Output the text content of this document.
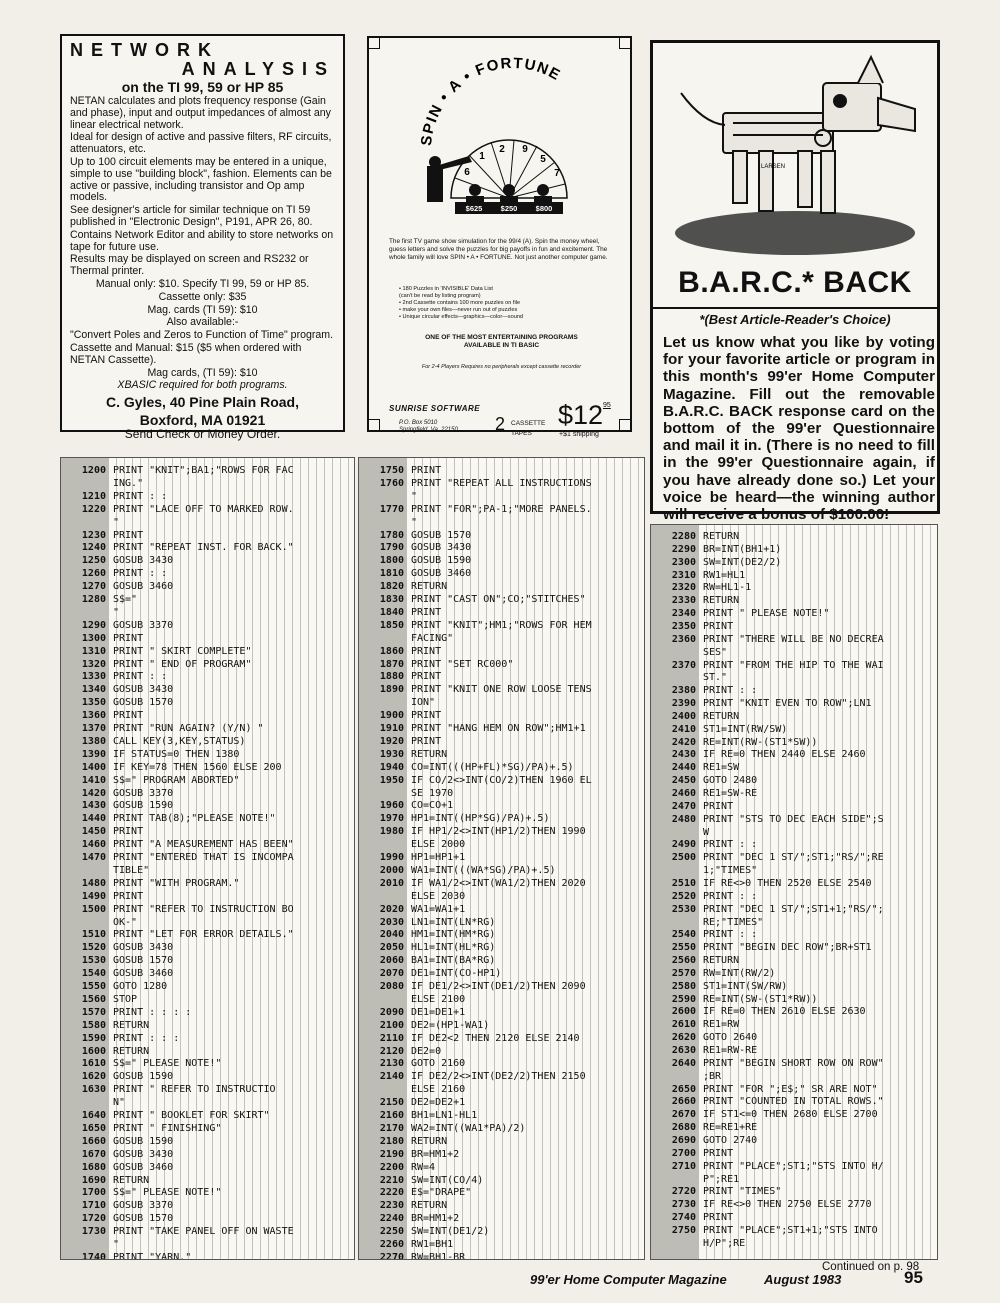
NETWORK
ANALYSIS
on the TI 99, 59 or HP 85

NETAN calculates and plots frequency response (Gain and phase), input and output impedances of almost any linear electrical network.

Ideal for design of active and passive filters, RF circuits, attenuators, etc.

Up to 100 circuit elements may be entered in a unique, simple to use "building block", fashion. Elements can be active or passive, including transistor and Op amp models.

See designer's article for similar technique on TI 59 published in "Electronic Design", P191, APR 26, 80.

Contains Network Editor and ability to store networks on tape for future use.

Results may be displayed on screen and RS232 or Thermal printer.

Manual only: $10. Specify TI 99, 59 or HP 85.

Cassette only: $35

Mag. cards (TI 59): $10

Also available:-

"Convert Poles and Zeros to Function of Time" program.

Cassette and Manual: $15 ($5 when ordered with NETAN Cassette).

Mag cards, (TI 59): $10

XBASIC required for both programs.

C. Gyles, 40 Pine Plain Road,
Boxford, MA 01921
Send Check or Money Order.
SPIN • A • FORTUNE
6
1
2 9
5
7
$625 $250 $800
The first TV game show simulation for the 99/4 (A). Spin the money wheel, guess letters and solve the puzzles for big payoffs in fun and excitement. The whole family will love SPIN • A • FORTUNE. Not just another computer game.
• 180 Puzzles in 'INVISIBLE' Data List
(can't be read by listing program)
• 2nd Cassette contains 100 more puzzles on file
• make your own files—never run out of puzzles
• Unique circular effects—graphics—color—sound
ONE OF THE MOST ENTERTAINING PROGRAMS
AVAILABLE IN TI BASIC
For 2-4 Players Requires no peripherals except cassette recorder
SUNRISE SOFTWARE
P.O. Box 5010
Springfield, Va. 22150 2 CASSETTE
TAPES
$12 95
+$1 shipping
LARSEN
B.A.R.C.* BACK
*(Best Article-Reader's Choice)
Let us know what you like by voting for your favorite article or program in this month's 99'er Home Computer Magazine. Fill out the removable B.A.R.C. BACK response card on the bottom of the 99'er Questionnaire and mail it in. (There is no need to fill in the 99'er Questionnaire again, if you have already done so.) Let your voice be heard—the winning author will receive a bonus of $100.00!
1200 PRINT "KNIT";BA1;"ROWS FOR FAC
ING."
1210 PRINT : :
1220 PRINT "LACE OFF TO MARKED ROW.
"
1230 PRINT
1240 PRINT "REPEAT INST. FOR BACK."
1250 GOSUB 3430
1260 PRINT : :
1270 GOSUB 3460
1280 S$="
"
1290 GOSUB 3370
1300 PRINT
1310 PRINT " SKIRT COMPLETE"
1320 PRINT " END OF PROGRAM"
1330 PRINT : :
1340 GOSUB 3430
1350 GOSUB 1570
1360 PRINT
1370 PRINT "RUN AGAIN? (Y/N) "
1380 CALL KEY(3,KEY,STATUS)
1390 IF STATUS=0 THEN 1380
1400 IF KEY=78 THEN 1560 ELSE 200
1410 S$=" PROGRAM ABORTED"
1420 GOSUB 3370
1430 GOSUB 1590
1440 PRINT TAB(8);"PLEASE NOTE!"
1450 PRINT
1460 PRINT "A MEASUREMENT HAS BEEN"
1470 PRINT "ENTERED THAT IS INCOMPA
TIBLE"
1480 PRINT "WITH PROGRAM."
1490 PRINT
1500 PRINT "REFER TO INSTRUCTION BO
OK-"
1510 PRINT "LET FOR ERROR DETAILS."
1520 GOSUB 3430
1530 GOSUB 1570
1540 GOSUB 3460
1550 GOTO 1280
1560 STOP
1570 PRINT : : : :
1580 RETURN
1590 PRINT : : :
1600 RETURN
1610 S$=" PLEASE NOTE!"
1620 GOSUB 1590
1630 PRINT " REFER TO INSTRUCTIO
N"
1640 PRINT " BOOKLET FOR SKIRT"
1650 PRINT " FINISHING"
1660 GOSUB 1590
1670 GOSUB 3430
1680 GOSUB 3460
1690 RETURN
1700 S$=" PLEASE NOTE!"
1710 GOSUB 3370
1720 GOSUB 1570
1730 PRINT "TAKE PANEL OFF ON WASTE
"
1740 PRINT "YARN."
1750 PRINT
1760 PRINT "REPEAT ALL INSTRUCTIONS
"
1770 PRINT "FOR";PA-1;"MORE PANELS.
"
1780 GOSUB 1570
1790 GOSUB 3430
1800 GOSUB 1590
1810 GOSUB 3460
1820 RETURN
1830 PRINT "CAST ON";CO;"STITCHES"
1840 PRINT
1850 PRINT "KNIT";HM1;"ROWS FOR HEM
FACING"
1860 PRINT
1870 PRINT "SET RC000"
1880 PRINT
1890 PRINT "KNIT ONE ROW LOOSE TENS
ION"
1900 PRINT
1910 PRINT "HANG HEM ON ROW";HM1+1
1920 PRINT
1930 RETURN
1940 CO=INT(((HP+FL)*SG)/PA)+.5)
1950 IF CO/2<>INT(CO/2)THEN 1960 EL
SE 1970
1960 CO=CO+1
1970 HP1=INT((HP*SG)/PA)+.5)
1980 IF HP1/2<>INT(HP1/2)THEN 1990
ELSE 2000
1990 HP1=HP1+1
2000 WA1=INT(((WA*SG)/PA)+.5)
2010 IF WA1/2<>INT(WA1/2)THEN 2020
ELSE 2030
2020 WA1=WA1+1
2030 LN1=INT(LN*RG)
2040 HM1=INT(HM*RG)
2050 HL1=INT(HL*RG)
2060 BA1=INT(BA*RG)
2070 DE1=INT(CO-HP1)
2080 IF DE1/2<>INT(DE1/2)THEN 2090
ELSE 2100
2090 DE1=DE1+1
2100 DE2=(HP1-WA1)
2110 IF DE2<2 THEN 2120 ELSE 2140
2120 DE2=0
2130 GOTO 2160
2140 IF DE2/2<>INT(DE2/2)THEN 2150
ELSE 2160
2150 DE2=DE2+1
2160 BH1=LN1-HL1
2170 WA2=INT((WA1*PA)/2)
2180 RETURN
2190 BR=HM1+2
2200 RW=4
2210 SW=INT(CO/4)
2220 E$="DRAPE"
2230 RETURN
2240 BR=HM1+2
2250 SW=INT(DE1/2)
2260 RW1=BH1
2270 RW=BH1-BR
2280 RETURN
2290 BR=INT(BH1+1)
2300 SW=INT(DE2/2)
2310 RW1=HL1
2320 RW=HL1-1
2330 RETURN
2340 PRINT " PLEASE NOTE!"
2350 PRINT
2360 PRINT "THERE WILL BE NO DECREA
SES"
2370 PRINT "FROM THE HIP TO THE WAI
ST."
2380 PRINT : :
2390 PRINT "KNIT EVEN TO ROW";LN1
2400 RETURN
2410 ST1=INT(RW/SW)
2420 RE=INT(RW-(ST1*SW))
2430 IF RE=0 THEN 2440 ELSE 2460
2440 RE1=SW
2450 GOTO 2480
2460 RE1=SW-RE
2470 PRINT
2480 PRINT "STS TO DEC EACH SIDE";S
W
2490 PRINT : :
2500 PRINT "DEC 1 ST/";ST1;"RS/";RE
1;"TIMES"
2510 IF RE<>0 THEN 2520 ELSE 2540
2520 PRINT : :
2530 PRINT "DEC 1 ST/";ST1+1;"RS/";
RE;"TIMES"
2540 PRINT : :
2550 PRINT "BEGIN DEC ROW";BR+ST1
2560 RETURN
2570 RW=INT(RW/2)
2580 ST1=INT(SW/RW)
2590 RE=INT(SW-(ST1*RW))
2600 IF RE=0 THEN 2610 ELSE 2630
2610 RE1=RW
2620 GOTO 2640
2630 RE1=RW-RE
2640 PRINT "BEGIN SHORT ROW ON ROW"
;BR
2650 PRINT "FOR ";E$;" SR ARE NOT"
2660 PRINT "COUNTED IN TOTAL ROWS."
2670 IF ST1<=0 THEN 2680 ELSE 2700
2680 RE=RE1+RE
2690 GOTO 2740
2700 PRINT
2710 PRINT "PLACE";ST1;"STS INTO H/
P";RE1
2720 PRINT "TIMES"
2730 IF RE<>0 THEN 2750 ELSE 2770
2740 PRINT
2750 PRINT "PLACE";ST1+1;"STS INTO
H/P";RE
Continued on p. 98
99'er Home Computer Magazine	August 1983	95
